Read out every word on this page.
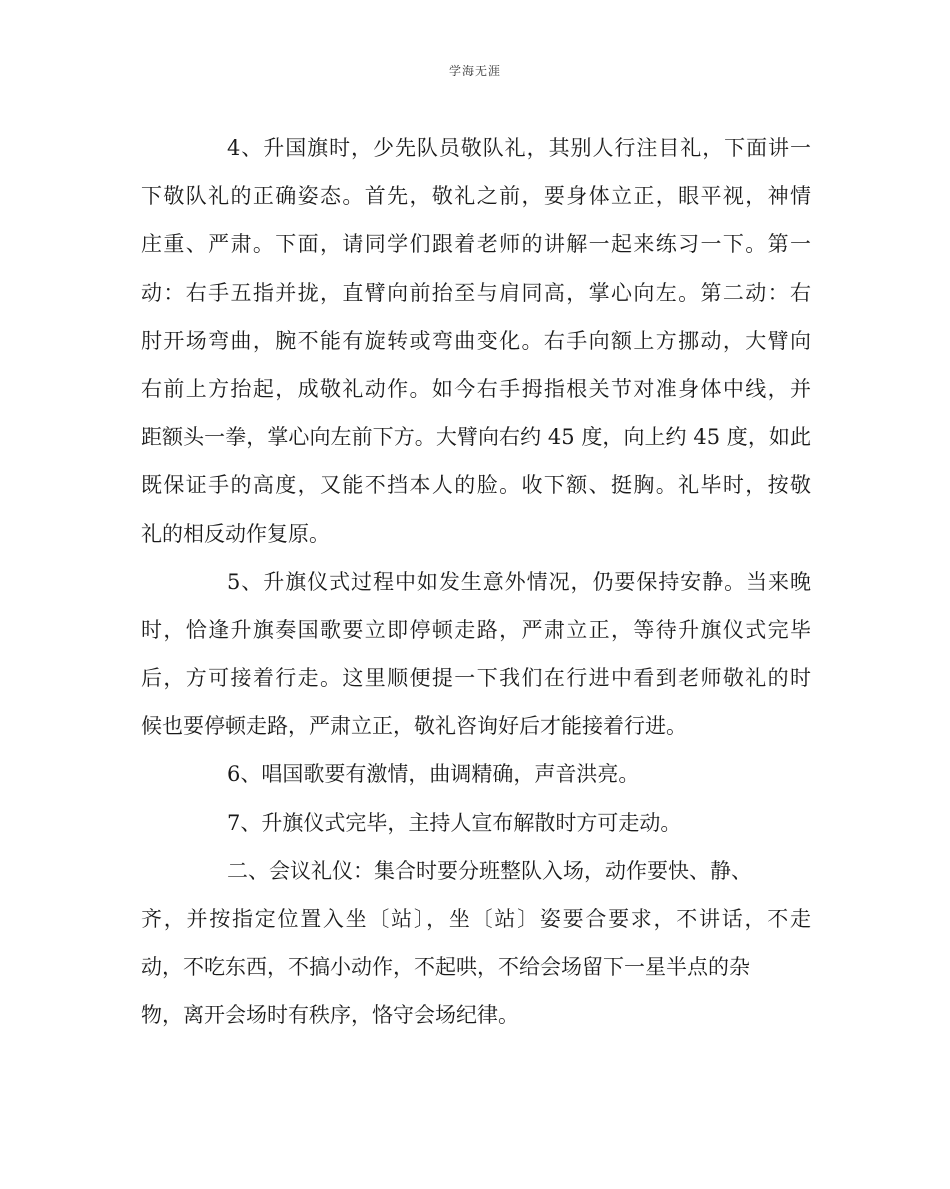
学海无涯
4、升国旗时，少先队员敬队礼，其别人行注目礼，下面讲一
下敬队礼的正确姿态。首先，敬礼之前，要身体立正，眼平视，神情
庄重、严肃。下面，请同学们跟着老师的讲解一起来练习一下。第一
动：右手五指并拢，直臂向前抬至与肩同高，掌心向左。第二动：右
肘开场弯曲，腕不能有旋转或弯曲变化。右手向额上方挪动，大臂向
右前上方抬起，成敬礼动作。如今右手拇指根关节对准身体中线，并
距额头一拳，掌心向左前下方。大臂向右约 45 度，向上约 45 度，如此
既保证手的高度，又能不挡本人的脸。收下额、挺胸。礼毕时，按敬
礼的相反动作复原。
5、升旗仪式过程中如发生意外情况，仍要保持安静。当来晚
时，恰逢升旗奏国歌要立即停顿走路，严肃立正，等待升旗仪式完毕
后，方可接着行走。这里顺便提一下我们在行进中看到老师敬礼的时
候也要停顿走路，严肃立正，敬礼咨询好后才能接着行进。
6、唱国歌要有激情，曲调精确，声音洪亮。
7、升旗仪式完毕，主持人宣布解散时方可走动。
二、会议礼仪：集合时要分班整队入场，动作要快、静、
齐，并按指定位置入坐〔站〕，坐〔站〕姿要合要求，不讲话，不走
动，不吃东西，不搞小动作，不起哄，不给会场留下一星半点的杂
物，离开会场时有秩序，恪守会场纪律。
